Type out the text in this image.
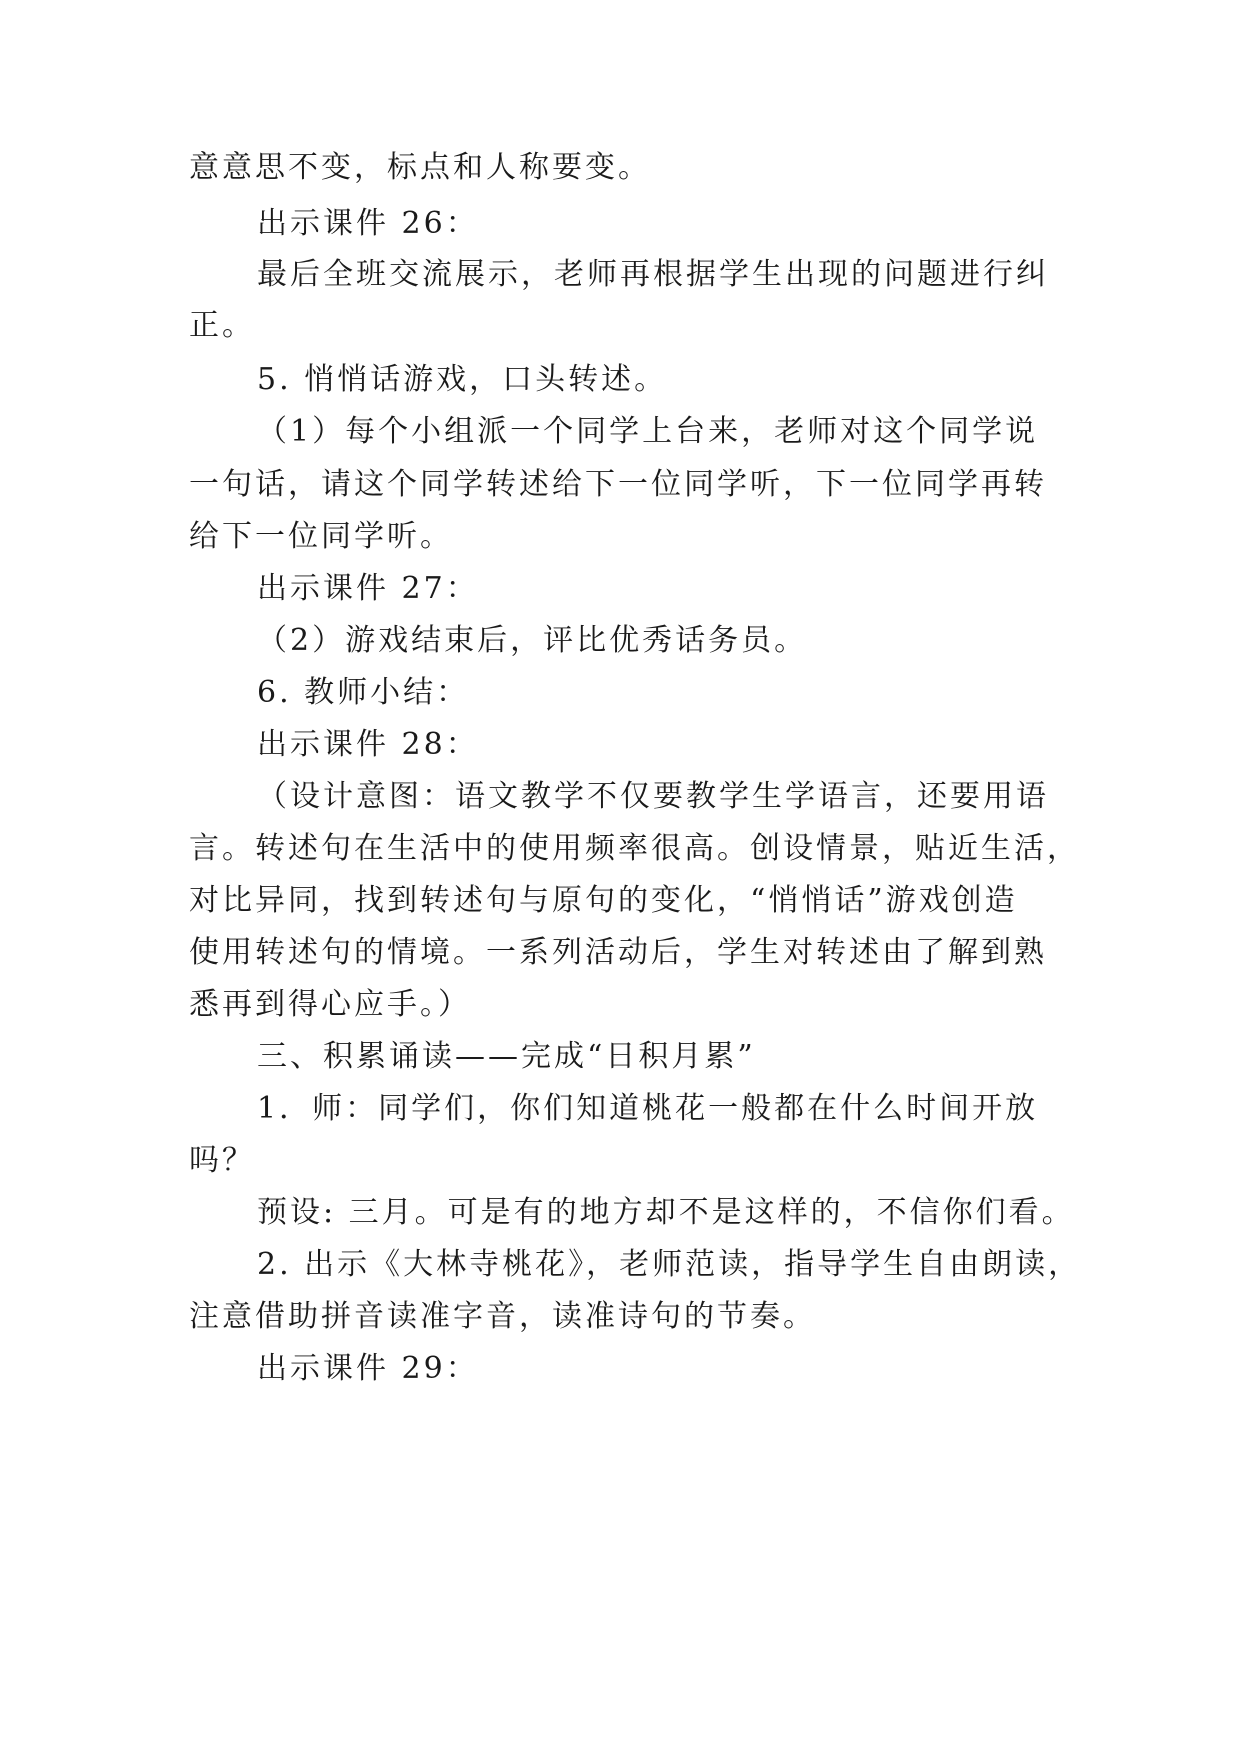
意意思不变，标点和人称要变。
出示课件 26：
最后全班交流展示，老师再根据学生出现的问题进行纠
正。
5. 悄悄话游戏，口头转述。
（1）每个小组派一个同学上台来，老师对这个同学说
一句话，请这个同学转述给下一位同学听，下一位同学再转
给下一位同学听。
出示课件 27：
（2）游戏结束后，评比优秀话务员。
6. 教师小结：
出示课件 28：
（设计意图：语文教学不仅要教学生学语言，还要用语
言。转述句在生活中的使用频率很高。创设情景，贴近生活，
对比异同，找到转述句与原句的变化，“悄悄话”游戏创造
使用转述句的情境。一系列活动后，学生对转述由了解到熟
悉再到得心应手。）
三、积累诵读——完成“日积月累”
1．师：同学们，你们知道桃花一般都在什么时间开放
吗？
预设: 三月。可是有的地方却不是这样的，不信你们看。
2. 出示《大林寺桃花》，老师范读，指导学生自由朗读，
注意借助拼音读准字音，读准诗句的节奏。
出示课件 29：
